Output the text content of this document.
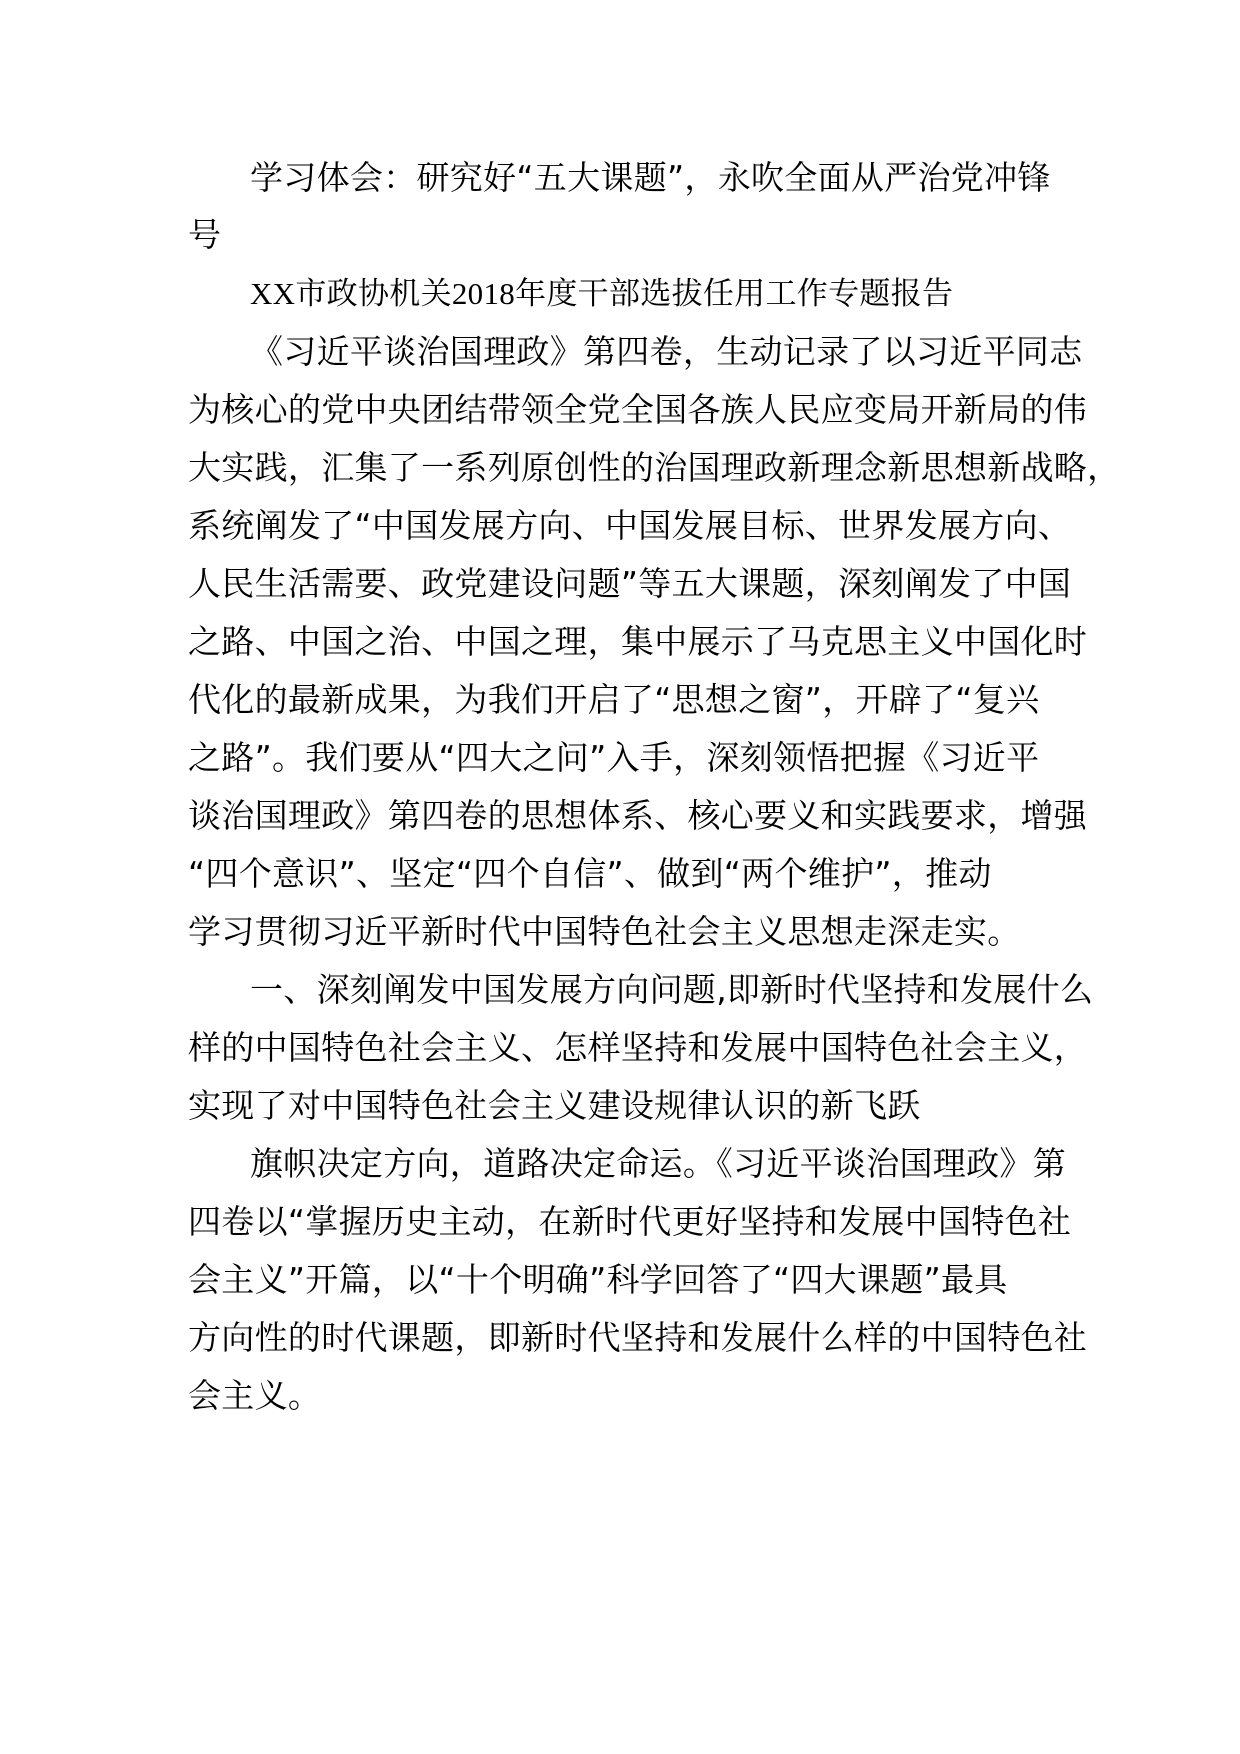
学习体会：研究好“五大课题”，永吹全面从严治党冲锋
号
XX市政协机关2018年度干部选拔任用工作专题报告
《习近平谈治国理政》第四卷，生动记录了以习近平同志
为核心的党中央团结带领全党全国各族人民应变局开新局的伟
大实践，汇集了一系列原创性的治国理政新理念新思想新战略，
系统阐发了“中国发展方向、中国发展目标、世界发展方向、
人民生活需要、政党建设问题”等五大课题，深刻阐发了中国
之路、中国之治、中国之理，集中展示了马克思主义中国化时
代化的最新成果，为我们开启了“思想之窗”，开辟了“复兴
之路”。我们要从“四大之问”入手，深刻领悟把握《习近平
谈治国理政》第四卷的思想体系、核心要义和实践要求，增强
“四个意识”、坚定“四个自信”、做到“两个维护”，推动
学习贯彻习近平新时代中国特色社会主义思想走深走实。
一、深刻阐发中国发展方向问题,即新时代坚持和发展什么
样的中国特色社会主义、怎样坚持和发展中国特色社会主义，
实现了对中国特色社会主义建设规律认识的新飞跃
旗帜决定方向，道路决定命运。《习近平谈治国理政》第
四卷以“掌握历史主动，在新时代更好坚持和发展中国特色社
会主义”开篇，以“十个明确”科学回答了“四大课题”最具
方向性的时代课题，即新时代坚持和发展什么样的中国特色社
会主义。
